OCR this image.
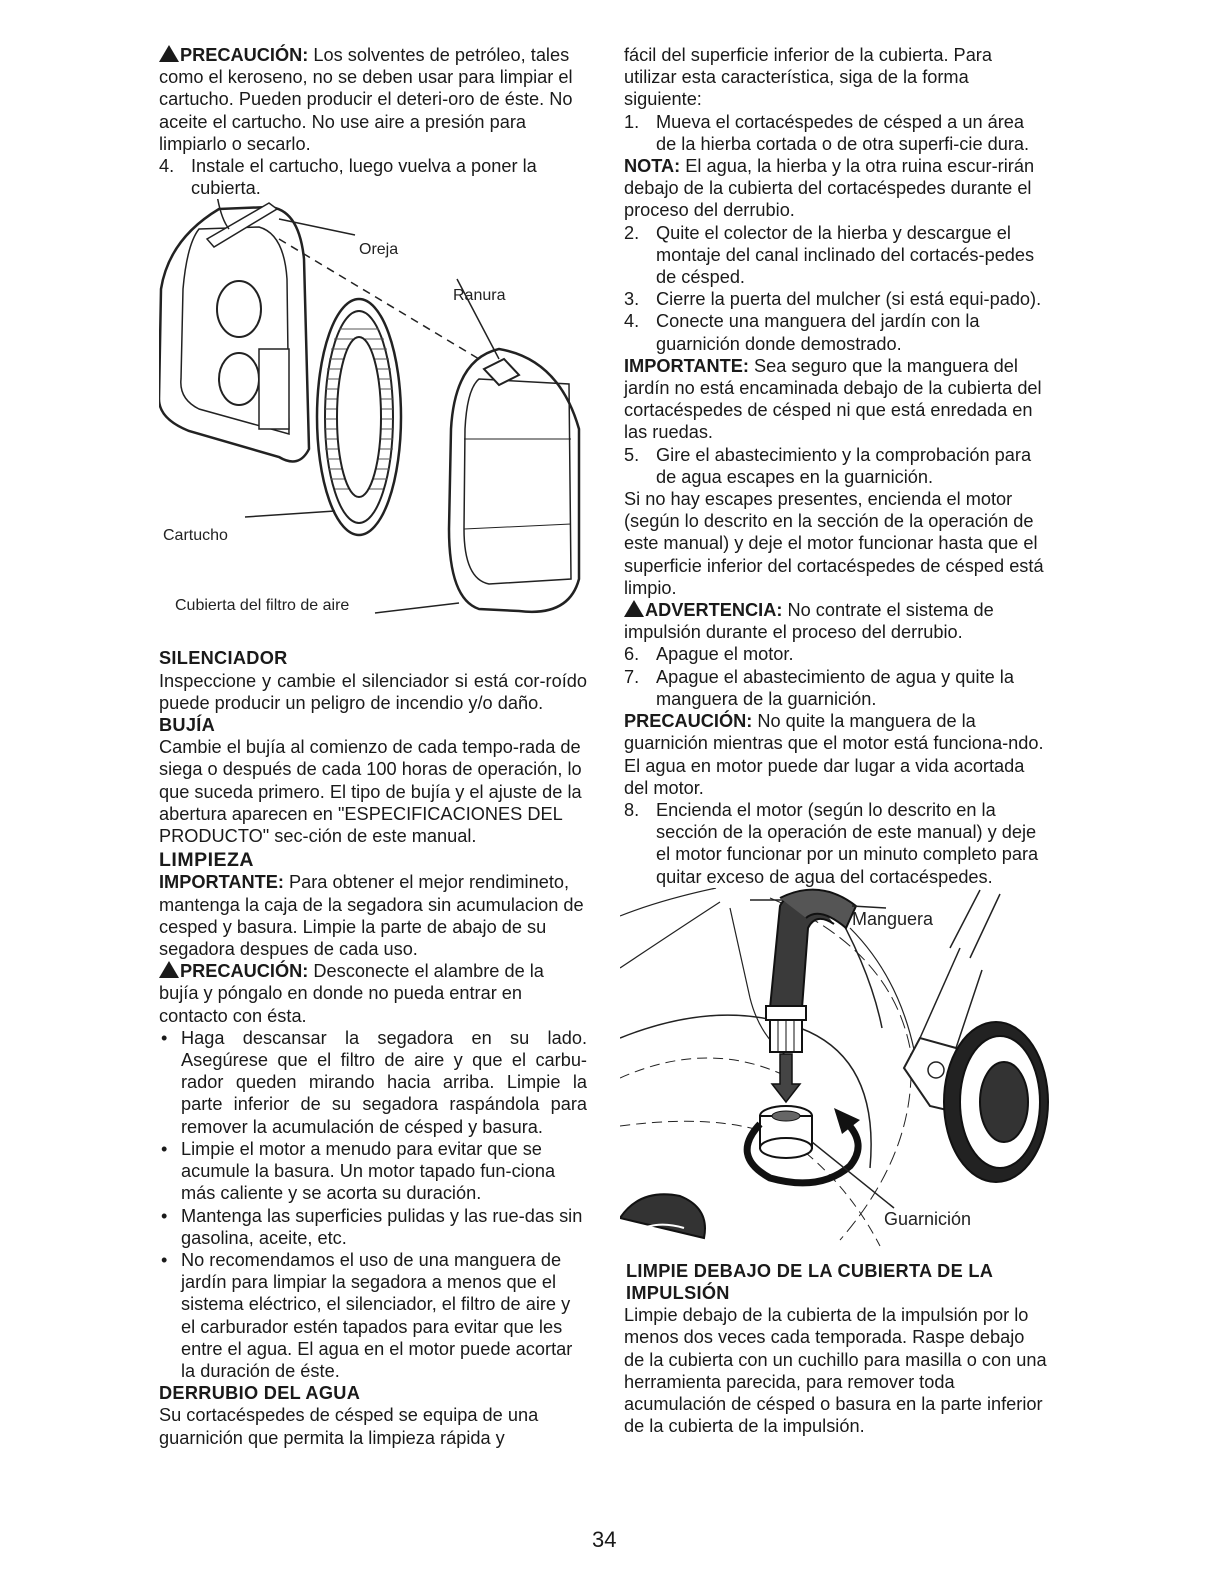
PRECAUCIÓN: Los solventes de petróleo, tales como el keroseno, no se deben usar para limpiar el cartucho. Pueden producir el deteri-oro de éste. No aceite el cartucho. No use aire a presión para limpiarlo o secarlo.

4. Instale el cartucho, luego vuelva a poner la cubierta.
Oreja
Ranura
Cartucho
Cubierta del filtro de aire

SILENCIADOR

Inspeccione y cambie el silenciador si está cor-roído puede producir un peligro de incendio y/o daño.

BUJÍA

Cambie el bujía al comienzo de cada tempo-rada de siega o después de cada 100 horas de operación, lo que suceda primero. El tipo de bujía y el ajuste de la abertura aparecen en "ESPECIFICACIONES DEL PRODUCTO" sec-ción de este manual.

LIMPIEZA

IMPORTANTE: Para obtener el mejor rendimineto, mantenga la caja de la segadora sin acumulacion de cesped y basura. Limpie la parte de abajo de su segadora despues de cada uso.

PRECAUCIÓN: Desconecte el alambre de la bujía y póngalo en donde no pueda entrar en contacto con ésta.

• Haga descansar la segadora en su lado. Asegúrese que el filtro de aire y que el carbu-rador queden mirando hacia arriba. Limpie la parte inferior de su segadora raspándola para remover la acumulación de césped y basura.
• Limpie el motor a menudo para evitar que se acumule la basura. Un motor tapado fun-ciona más caliente y se acorta su duración.
• Mantenga las superficies pulidas y las rue-das sin gasolina, aceite, etc.
• No recomendamos el uso de una manguera de jardín para limpiar la segadora a menos que el sistema eléctrico, el silenciador, el filtro de aire y el carburador estén tapados para evitar que les entre el agua. El agua en el motor puede acortar la duración de éste.

DERRUBIO DEL AGUA

Su cortacéspedes de césped se equipa de una guarnición que permita la limpieza rápida y

fácil del superficie inferior de la cubierta. Para utilizar esta característica, siga de la forma siguiente:

1. Mueva el cortacéspedes de césped a un área de la hierba cortada o de otra superfi-cie dura.

NOTA: El agua, la hierba y la otra ruina escur-rirán debajo de la cubierta del cortacéspedes durante el proceso del derrubio.

2. Quite el colector de la hierba y descargue el montaje del canal inclinado del cortacés-pedes de césped.
3. Cierre la puerta del mulcher (si está equi-pado).
4. Conecte una manguera del jardín con la guarnición donde demostrado.

IMPORTANTE: Sea seguro que la manguera del jardín no está encaminada debajo de la cubierta del cortacéspedes de césped ni que está enredada en las ruedas.

5. Gire el abastecimiento y la comprobación para de agua escapes en la guarnición.

Si no hay escapes presentes, encienda el motor (según lo descrito en la sección de la operación de este manual) y deje el motor funcionar hasta que el superficie inferior del cortacéspedes de césped está limpio.

ADVERTENCIA: No contrate el sistema de impulsión durante el proceso del derrubio.

6. Apague el motor.
7. Apague el abastecimiento de agua y quite la manguera de la guarnición.

PRECAUCIÓN: No quite la manguera de la guarnición mientras que el motor está funciona-ndo. El agua en motor puede dar lugar a vida acortada del motor.

8. Encienda el motor (según lo descrito en la sección de la operación de este manual) y deje el motor funcionar por un minuto completo para quitar exceso de agua del cortacéspedes.
Manguera
Guarnición

LIMPIE DEBAJO DE LA CUBIERTA DE LA IMPULSIÓN

Limpie debajo de la cubierta de la impulsión por lo menos dos veces cada temporada. Raspe debajo de la cubierta con un cuchillo para masilla o con una herramienta parecida, para remover toda acumulación de césped o basura en la parte inferior de la cubierta de la impulsión.

34
